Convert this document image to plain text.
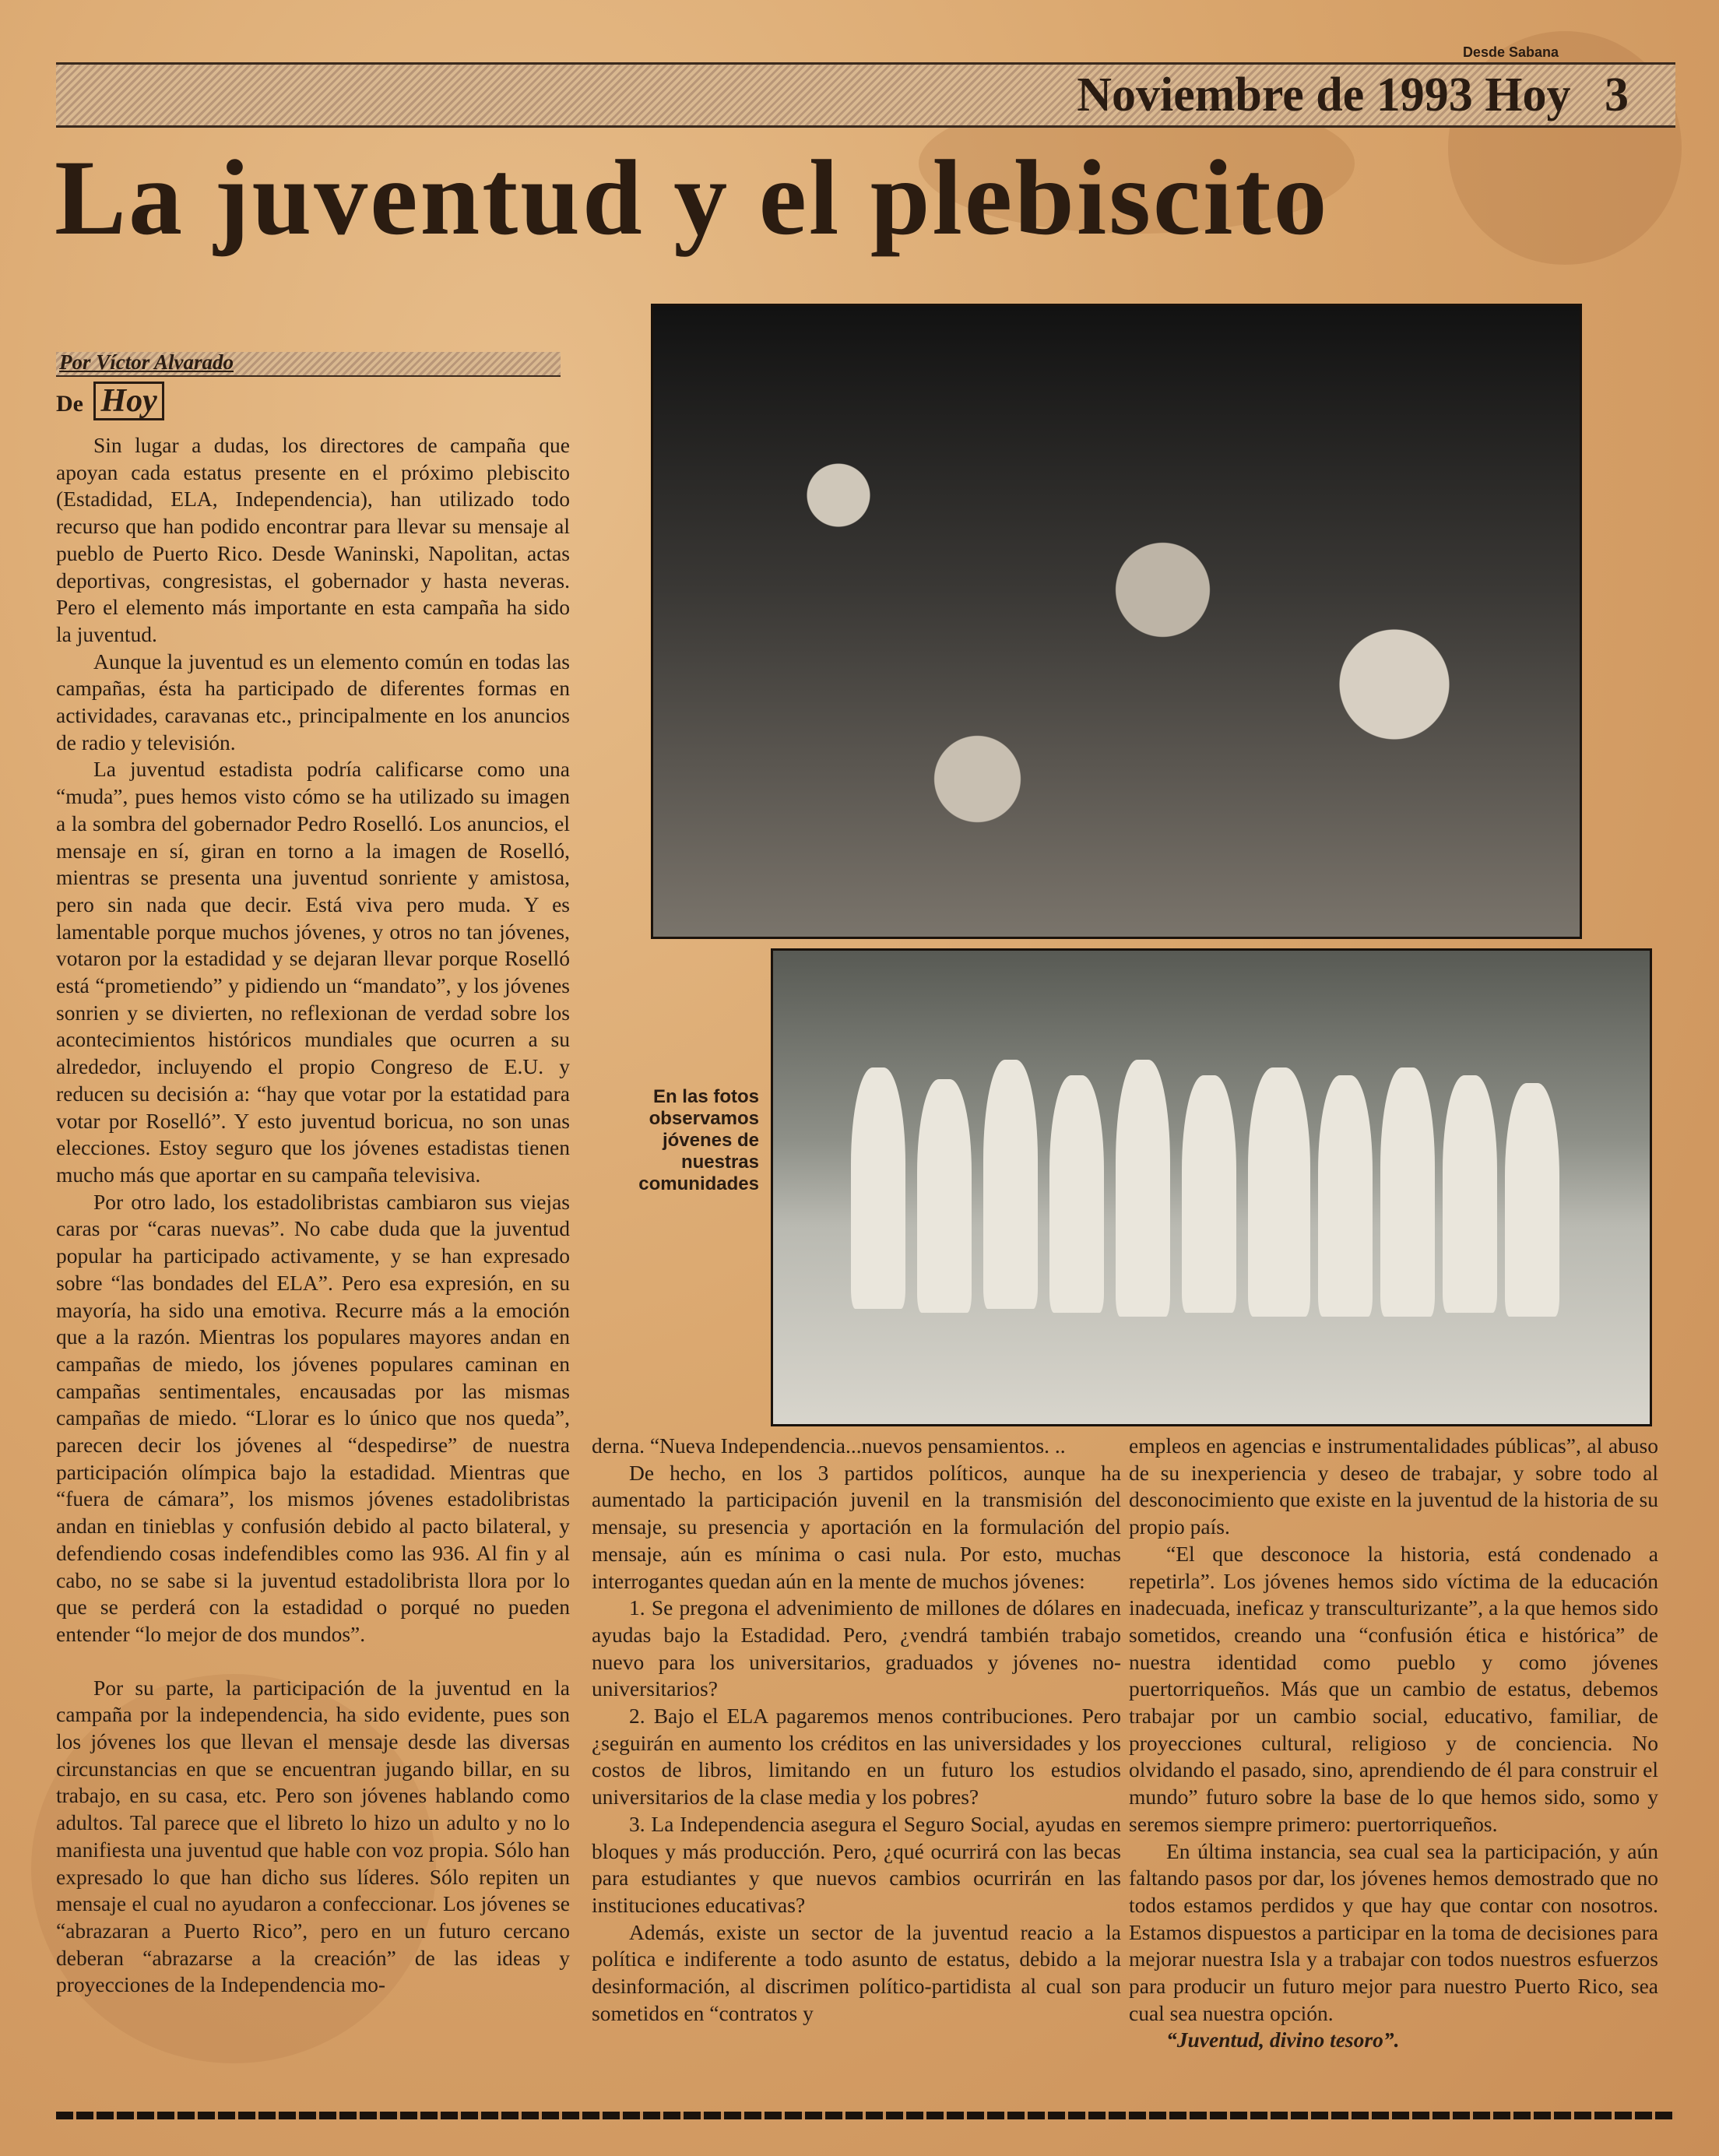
Noviembre de 1993 Hoy 3
Desde Sabana
La juventud y el plebiscito
Por Víctor Alvarado
De Hoy

Sin lugar a dudas, los directores de campaña que apoyan cada estatus presente en el próximo plebiscito (Estadidad, ELA, Independencia), han utilizado todo recurso que han podido encontrar para llevar su mensaje al pueblo de Puerto Rico. Desde Waninski, Napolitan, actas deportivas, congresistas, el gobernador y hasta neveras. Pero el elemento más importante en esta campaña ha sido la juventud.

Aunque la juventud es un elemento común en todas las campañas, ésta ha participado de diferentes formas en actividades, caravanas etc., principalmente en los anuncios de radio y televisión.

La juventud estadista podría calificarse como una “muda”, pues hemos visto cómo se ha utilizado su imagen a la sombra del gobernador Pedro Roselló. Los anuncios, el mensaje en sí, giran en torno a la imagen de Roselló, mientras se presenta una juventud sonriente y amistosa, pero sin nada que decir. Está viva pero muda. Y es lamentable porque muchos jóvenes, y otros no tan jóvenes, votaron por la estadidad y se dejaran llevar porque Roselló está “prometiendo” y pidiendo un “mandato”, y los jóvenes sonrien y se divierten, no reflexionan de verdad sobre los acontecimientos históricos mundiales que ocurren a su alrededor, incluyendo el propio Congreso de E.U. y reducen su decisión a: “hay que votar por la estatidad para votar por Roselló”. Y esto juventud boricua, no son unas elecciones. Estoy seguro que los jóvenes estadistas tienen mucho más que aportar en su campaña televisiva.

Por otro lado, los estadolibristas cambiaron sus viejas caras por “caras nuevas”. No cabe duda que la juventud popular ha participado activamente, y se han expresado sobre “las bondades del ELA”. Pero esa expresión, en su mayoría, ha sido una emotiva. Recurre más a la emoción que a la razón. Mientras los populares mayores andan en campañas de miedo, los jóvenes populares caminan en campañas sentimentales, encausadas por las mismas campañas de miedo. “Llorar es lo único que nos queda”, parecen decir los jóvenes al “despedirse” de nuestra participación olímpica bajo la estadidad. Mientras que “fuera de cámara”, los mismos jóvenes estadolibristas andan en tinieblas y confusión debido al pacto bilateral, y defendiendo cosas indefendibles como las 936. Al fin y al cabo, no se sabe si la juventud estadolibrista llora por lo que se perderá con la estadidad o porqué no pueden entender “lo mejor de dos mundos”.

Por su parte, la participación de la juventud en la campaña por la independencia, ha sido evidente, pues son los jóvenes los que llevan el mensaje desde las diversas circunstancias en que se encuentran jugando billar, en su trabajo, en su casa, etc. Pero son jóvenes hablando como adultos. Tal parece que el libreto lo hizo un adulto y no lo manifiesta una juventud que hable con voz propia. Sólo han expresado lo que han dicho sus líderes. Sólo repiten un mensaje el cual no ayudaron a confeccionar. Los jóvenes se “abrazaran a Puerto Rico”, pero en un futuro cercano deberan “abrazarse a la creación” de las ideas y proyecciones de la Independencia mo-

En las fotos observamos jóvenes de nuestras comunidades

derna. “Nueva Independencia...nuevos pensamientos. ..

De hecho, en los 3 partidos políticos, aunque ha aumentado la participación juvenil en la transmisión del mensaje, su presencia y aportación en la formulación del mensaje, aún es mínima o casi nula. Por esto, muchas interrogantes quedan aún en la mente de muchos jóvenes:

1. Se pregona el advenimiento de millones de dólares en ayudas bajo la Estadidad. Pero, ¿vendrá también trabajo nuevo para los universitarios, graduados y jóvenes no-universitarios?

2. Bajo el ELA pagaremos menos contribuciones. Pero ¿seguirán en aumento los créditos en las universidades y los costos de libros, limitando en un futuro los estudios universitarios de la clase media y los pobres?

3. La Independencia asegura el Seguro Social, ayudas en bloques y más producción. Pero, ¿qué ocurrirá con las becas para estudiantes y que nuevos cambios ocurrirán en las instituciones educativas?

Además, existe un sector de la juventud reacio a la política e indiferente a todo asunto de estatus, debido a la desinformación, al discrimen político-partidista al cual son sometidos en “contratos y

empleos en agencias e instrumentalidades públicas”, al abuso de su inexperiencia y deseo de trabajar, y sobre todo al desconocimiento que existe en la juventud de la historia de su propio país.

“El que desconoce la historia, está condenado a repetirla”. Los jóvenes hemos sido víctima de la educación inadecuada, ineficaz y transculturizante”, a la que hemos sido sometidos, creando una “confusión ética e histórica” de nuestra identidad como pueblo y como jóvenes puertorriqueños. Más que un cambio de estatus, debemos trabajar por un cambio social, educativo, familiar, de proyecciones cultural, religioso y de conciencia. No olvidando el pasado, sino, aprendiendo de él para construir el mundo” futuro sobre la base de lo que hemos sido, somo y seremos siempre primero: puertorriqueños.

En última instancia, sea cual sea la participación, y aún faltando pasos por dar, los jóvenes hemos demostrado que no todos estamos perdidos y que hay que contar con nosotros. Estamos dispuestos a participar en la toma de decisiones para mejorar nuestra Isla y a trabajar con todos nuestros esfuerzos para producir un futuro mejor para nuestro Puerto Rico, sea cual sea nuestra opción.

“Juventud, divino tesoro”.
